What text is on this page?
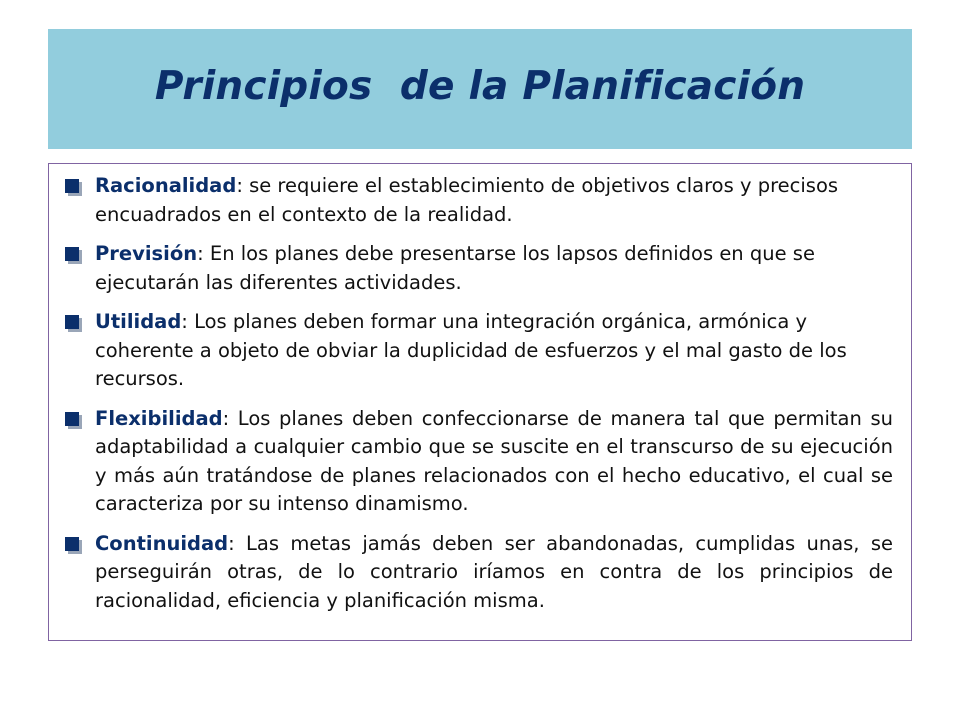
Principios  de la Planificación
Racionalidad: se requiere el establecimiento de objetivos claros y precisos encuadrados en el contexto de la realidad.
Previsión: En los planes debe presentarse los lapsos definidos en que se ejecutarán las diferentes actividades.
Utilidad: Los planes deben formar una integración orgánica, armónica y coherente a objeto de obviar la duplicidad de esfuerzos y el mal gasto de los recursos.
Flexibilidad: Los planes deben confeccionarse de manera tal que permitan su adaptabilidad a cualquier cambio que se suscite en el transcurso de su ejecución y más aún tratándose de planes relacionados con el hecho educativo, el cual se caracteriza por su intenso dinamismo.
Continuidad: Las metas jamás deben ser abandonadas, cumplidas unas, se perseguirán otras, de lo contrario iríamos en contra de los principios de racionalidad, eficiencia y planificación misma.
